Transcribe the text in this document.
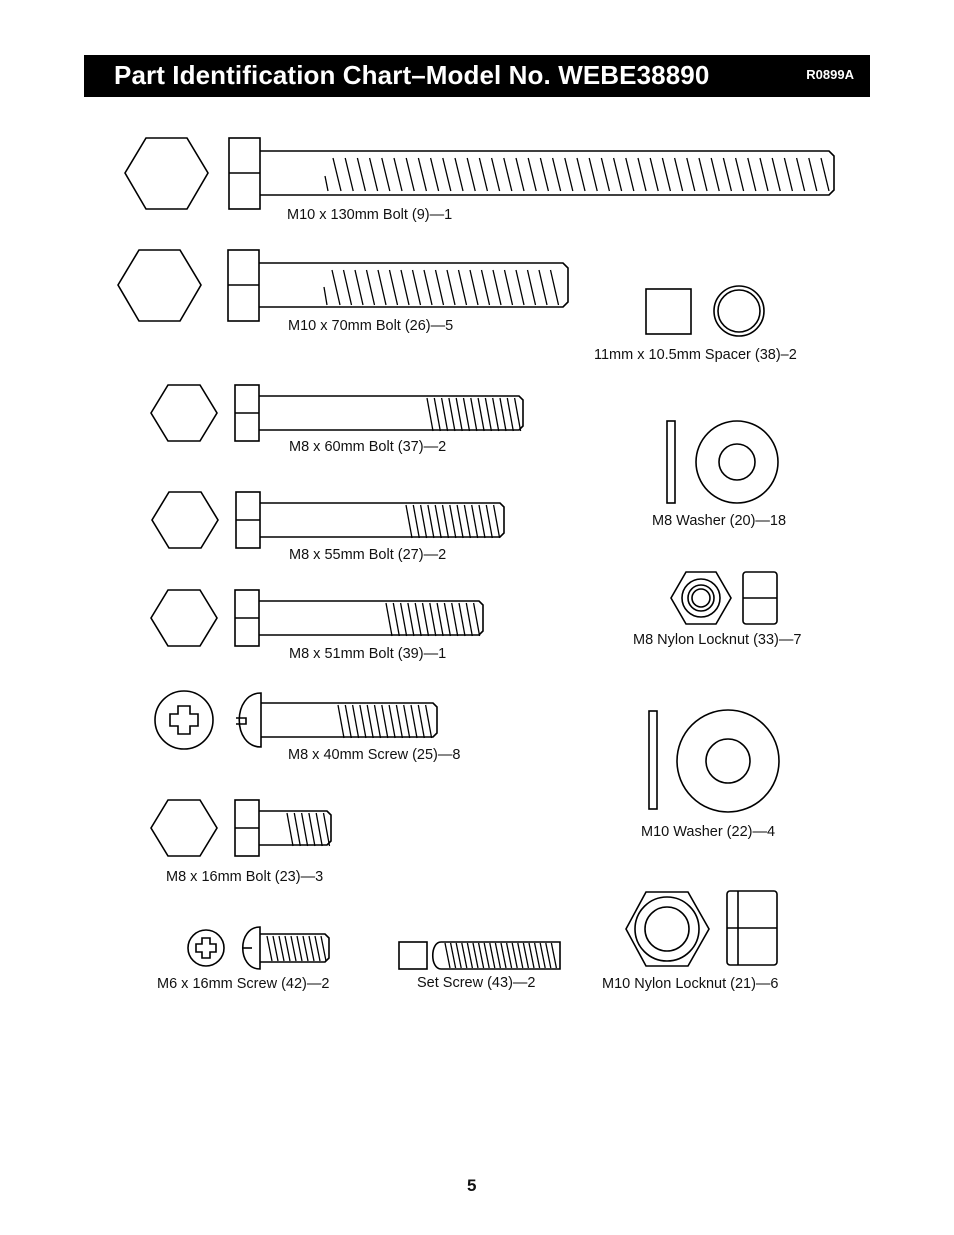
Part Identification Chart–Model No. WEBE38890	R0899A
M10 x 130mm Bolt (9)—1
M10 x 70mm Bolt (26)—5
11mm x 10.5mm Spacer (38)–2
M8 x 60mm Bolt (37)—2
M8 Washer (20)—18
M8 x 55mm Bolt (27)—2
M8 Nylon Locknut (33)—7
M8 x 51mm Bolt (39)—1
M8 x 40mm Screw (25)—8
M10 Washer (22)—4
M8 x 16mm Bolt (23)—3
M6 x 16mm Screw (42)—2	Set Screw (43)—2	M10 Nylon Locknut (21)—6
5
